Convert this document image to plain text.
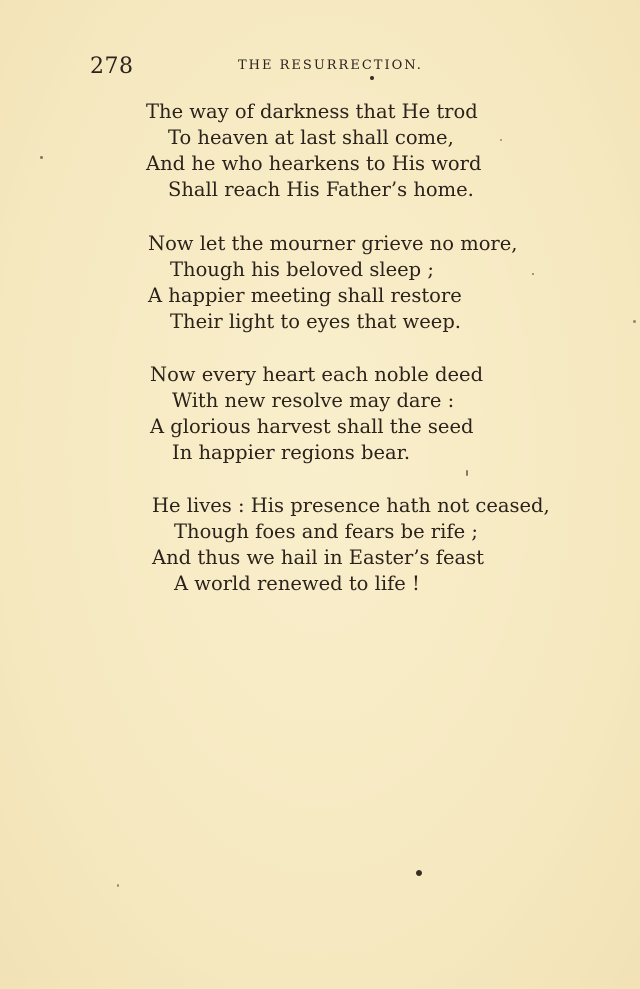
278	THE RESURRECTION.
The way of darkness that He trod
To heaven at last shall come,
And he who hearkens to His word
Shall reach His Father’s home.
Now let the mourner grieve no more,
Though his beloved sleep ;
A happier meeting shall restore
Their light to eyes that weep.
Now every heart each noble deed
With new resolve may dare :
A glorious harvest shall the seed
In happier regions bear.
He lives : His presence hath not ceased,
Though foes and fears be rife ;
And thus we hail in Easter’s feast
A world renewed to life !
